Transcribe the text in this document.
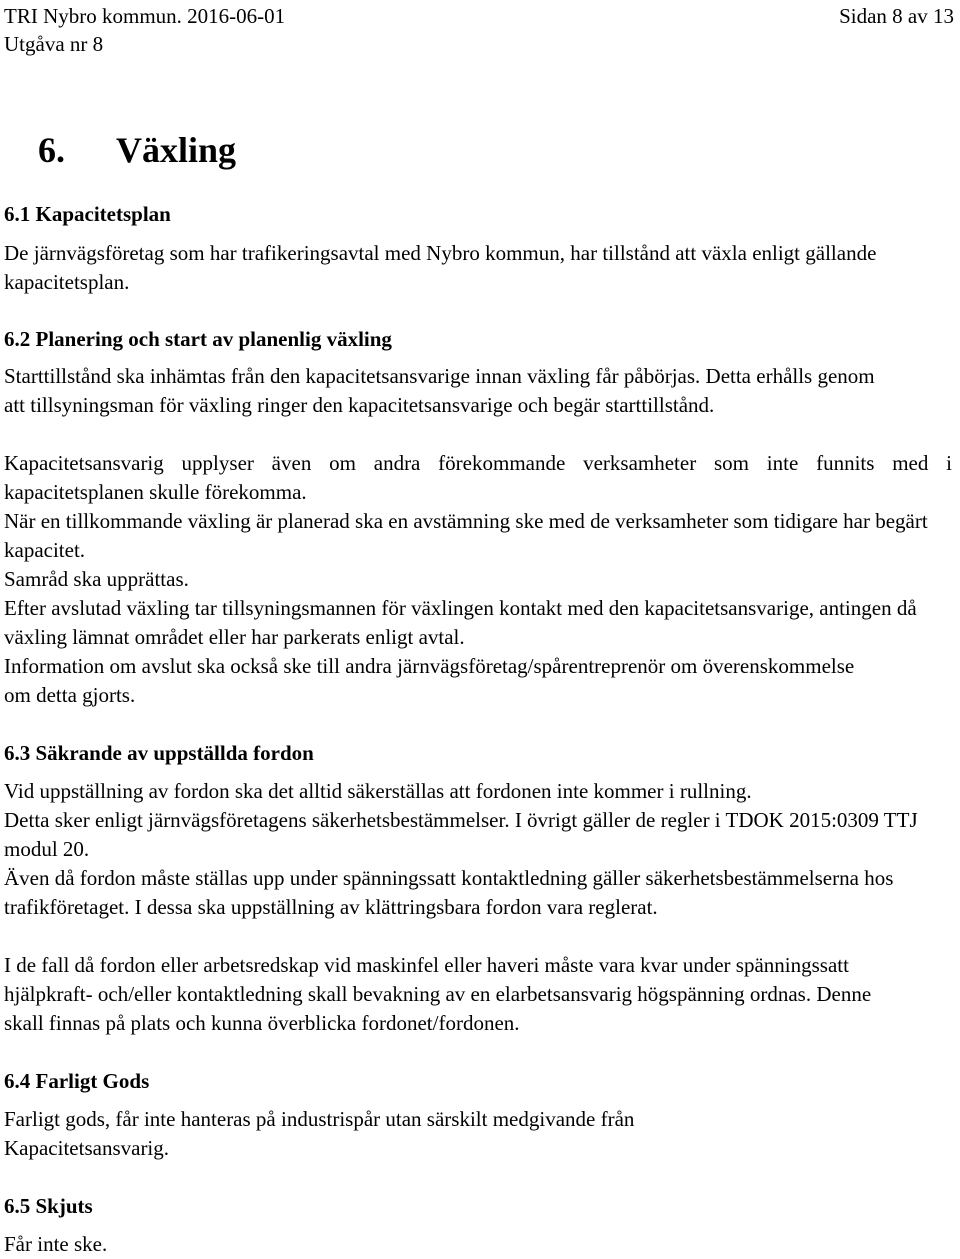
TRI Nybro kommun. 2016-06-01
Utgåva nr 8
Sidan 8 av 13
6. Växling
6.1 Kapacitetsplan

De järnvägsföretag som har trafikeringsavtal med Nybro kommun, har tillstånd att växla enligt gällande kapacitetsplan.

6.2 Planering och start av planenlig växling

Starttillstånd ska inhämtas från den kapacitetsansvarige innan växling får påbörjas. Detta erhålls genom att tillsyningsman för växling ringer den kapacitetsansvarige och begär starttillstånd.

Kapacitetsansvarig upplyser även om andra förekommande verksamheter som inte funnits med i kapacitetsplanen skulle förekomma.

När en tillkommande växling är planerad ska en avstämning ske med de verksamheter som tidigare har begärt kapacitet.

Samråd ska upprättas.

Efter avslutad växling tar tillsyningsmannen för växlingen kontakt med den kapacitetsansvarige, antingen då växling lämnat området eller har parkerats enligt avtal.

Information om avslut ska också ske till andra järnvägsföretag/spårentreprenör om överenskommelse om detta gjorts.

6.3 Säkrande av uppställda fordon

Vid uppställning av fordon ska det alltid säkerställas att fordonen inte kommer i rullning.

Detta sker enligt järnvägsföretagens säkerhetsbestämmelser. I övrigt gäller de regler i TDOK 2015:0309 TTJ modul 20.

Även då fordon måste ställas upp under spänningssatt kontaktledning gäller säkerhetsbestämmelserna hos trafikföretaget. I dessa ska uppställning av klättringsbara fordon vara reglerat.

I de fall då fordon eller arbetsredskap vid maskinfel eller haveri måste vara kvar under spänningssatt hjälpkraft- och/eller kontaktledning skall bevakning av en elarbetsansvarig högspänning ordnas. Denne skall finnas på plats och kunna överblicka fordonet/fordonen.

6.4 Farligt Gods

Farligt gods, får inte hanteras på industrispår utan särskilt medgivande från Kapacitetsansvarig.

6.5 Skjuts

Får inte ske.
